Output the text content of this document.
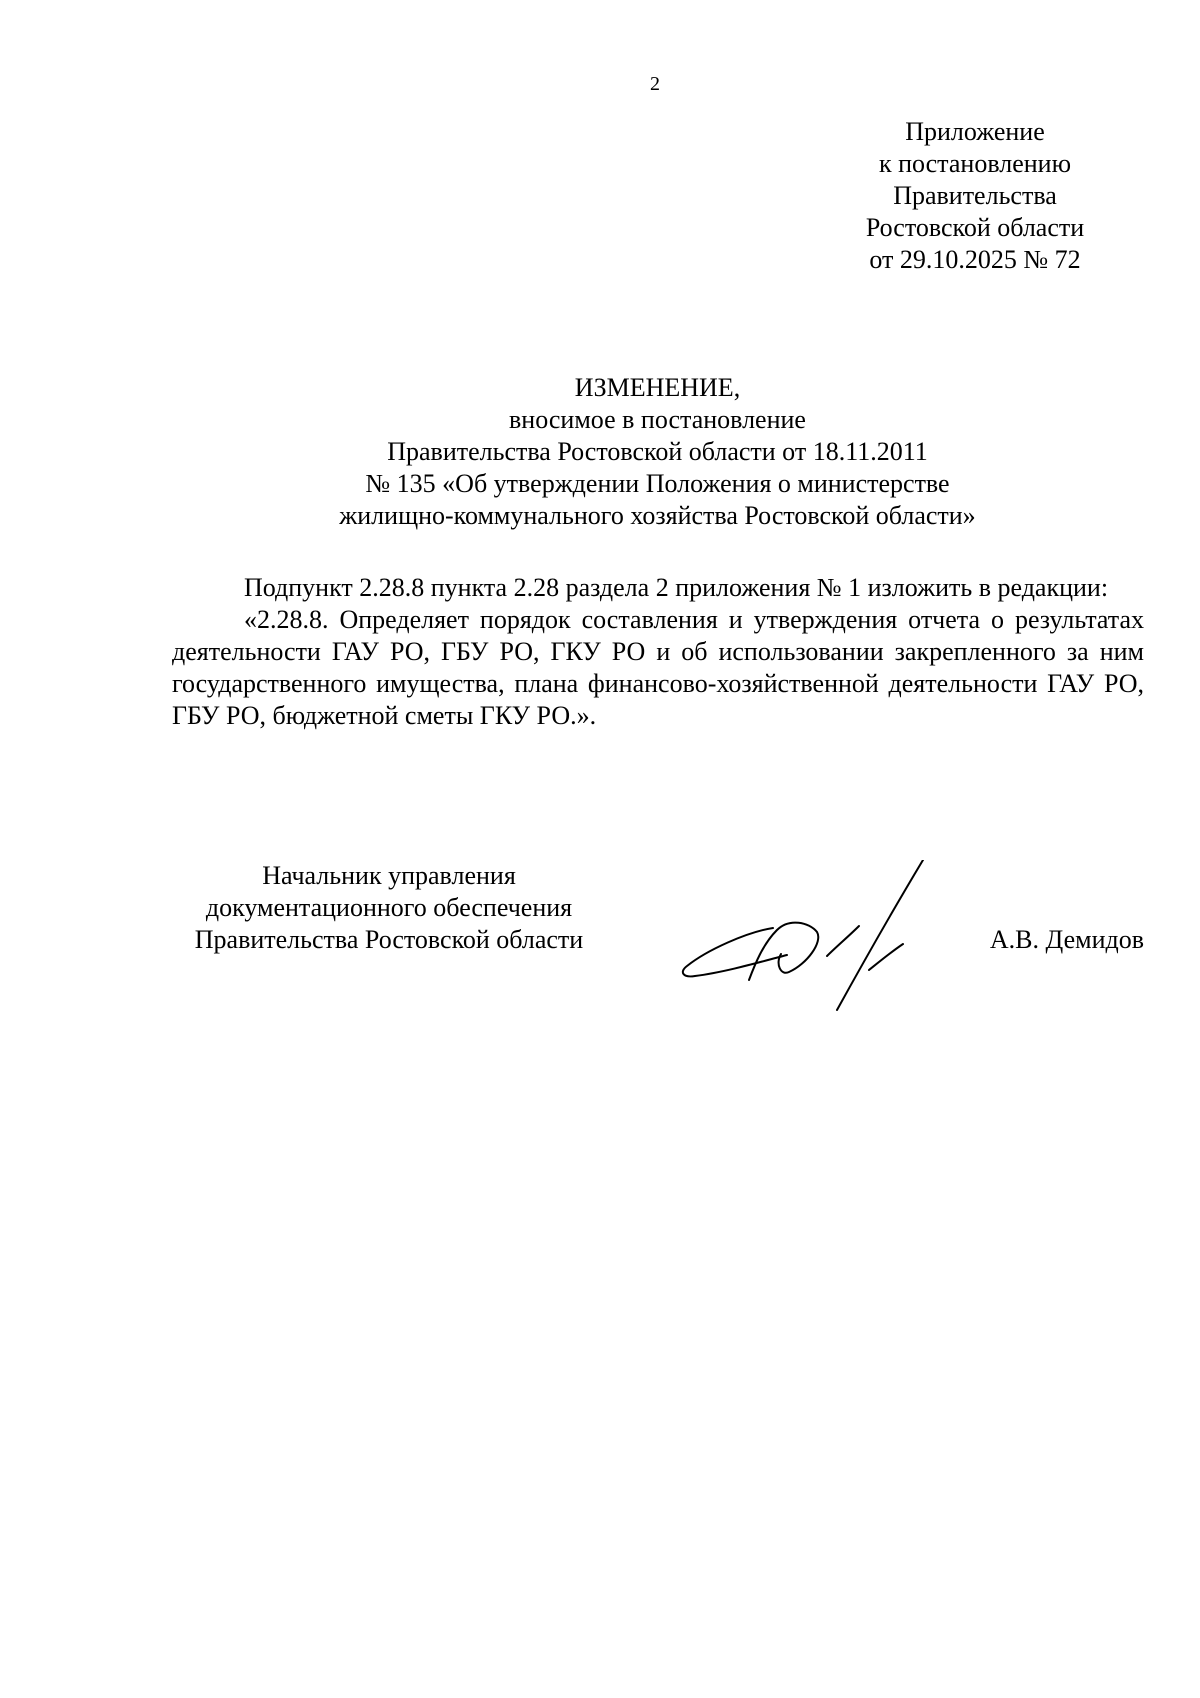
2
Приложение
к постановлению
Правительства
Ростовской области
от 29.10.2025 № 72
ИЗМЕНЕНИЕ,
вносимое в постановление
Правительства Ростовской области от 18.11.2011
№ 135 «Об утверждении Положения о министерстве
жилищно-коммунального хозяйства Ростовской области»

Подпункт 2.28.8 пункта 2.28 раздела 2 приложения № 1 изложить в редакции:

«2.28.8. Определяет порядок составления и утверждения отчета о результатах деятельности ГАУ РО, ГБУ РО, ГКУ РО и об использовании закрепленного за ним государственного имущества, плана финансово-хозяйственной деятельности ГАУ РО, ГБУ РО, бюджетной сметы ГКУ РО.».

Начальник управления
документационного обеспечения
Правительства Ростовской области	А.В. Демидов
